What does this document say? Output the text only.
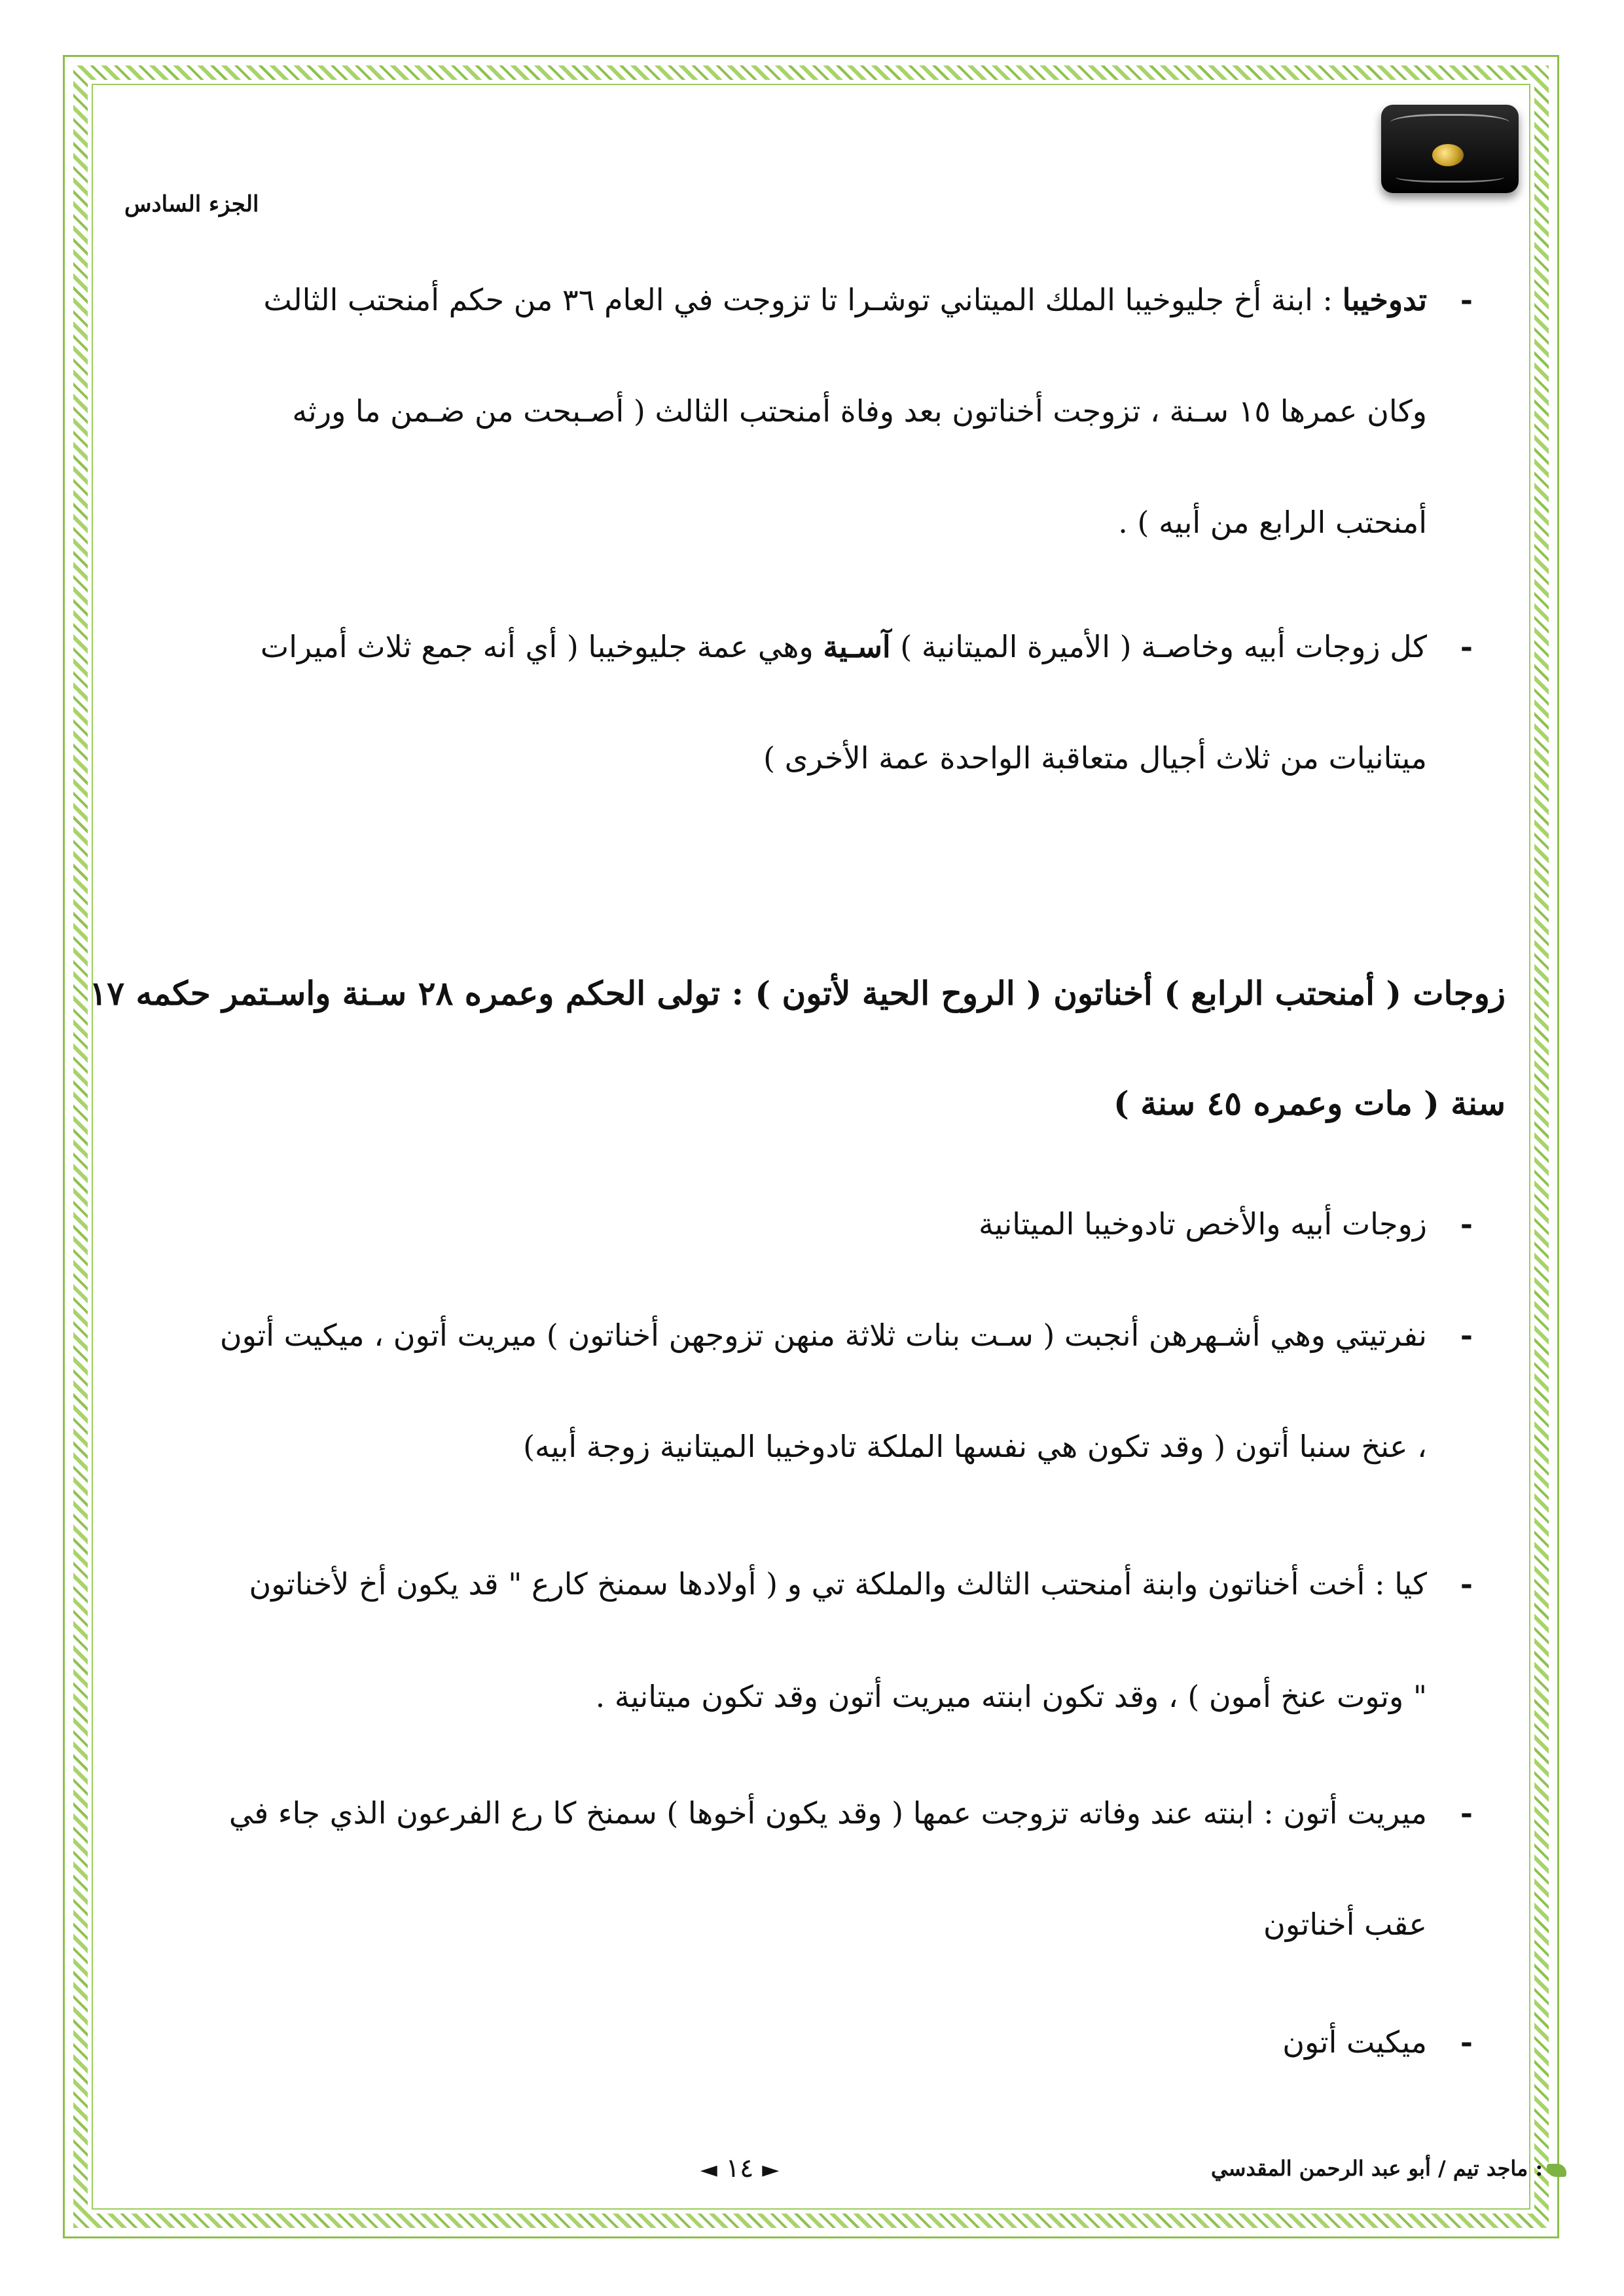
الجزء السادس
-
تدوخيبا : ابنة أخ جليوخيبا الملك الميتاني توشـرا تا تزوجت في العام ٣٦ من حكم أمنحتب الثالث
وكان عمرها ١٥ سـنة ، تزوجت أخناتون بعد وفاة أمنحتب الثالث ( أصـبحت من ضـمن ما ورثه
أمنحتب الرابع من أبيه ) .
-
كل زوجات أبيه وخاصـة ( الأميرة الميتانية ) آسـية وهي عمة جليوخيبا ( أي أنه جمع ثلاث أميرات
ميتانيات من ثلاث أجيال متعاقبة الواحدة عمة الأخرى )
زوجات ( أمنحتب الرابع ) أخناتون ( الروح الحية لأتون ) : تولى الحكم وعمره ٢٨ سـنة واسـتمر حكمه ١٧
سنة ( مات وعمره ٤٥ سنة )
-
زوجات أبيه والأخص تادوخيبا الميتانية
-
نفرتيتي وهي أشـهرهن أنجبت ( سـت بنات ثلاثة منهن تزوجهن أخناتون ) ميريت أتون ، ميكيت أتون
، عنخ سنبا أتون ( وقد تكون هي نفسها الملكة تادوخيبا الميتانية زوجة أبيه)
-
كيا : أخت أخناتون وابنة أمنحتب الثالث والملكة تي و ( أولادها سمنخ كارع " قد يكون أخ لأخناتون
" وتوت عنخ أمون ) ، وقد تكون ابنته ميريت أتون وقد تكون ميتانية .
-
ميريت أتون : ابنته عند وفاته تزوجت عمها ( وقد يكون أخوها ) سمنخ كا رع الفرعون الذي جاء في
عقب أخناتون
-
ميكيت أتون
► ١٤ ◄	: ماجد تيم / أبو عبد الرحمن المقدسي
